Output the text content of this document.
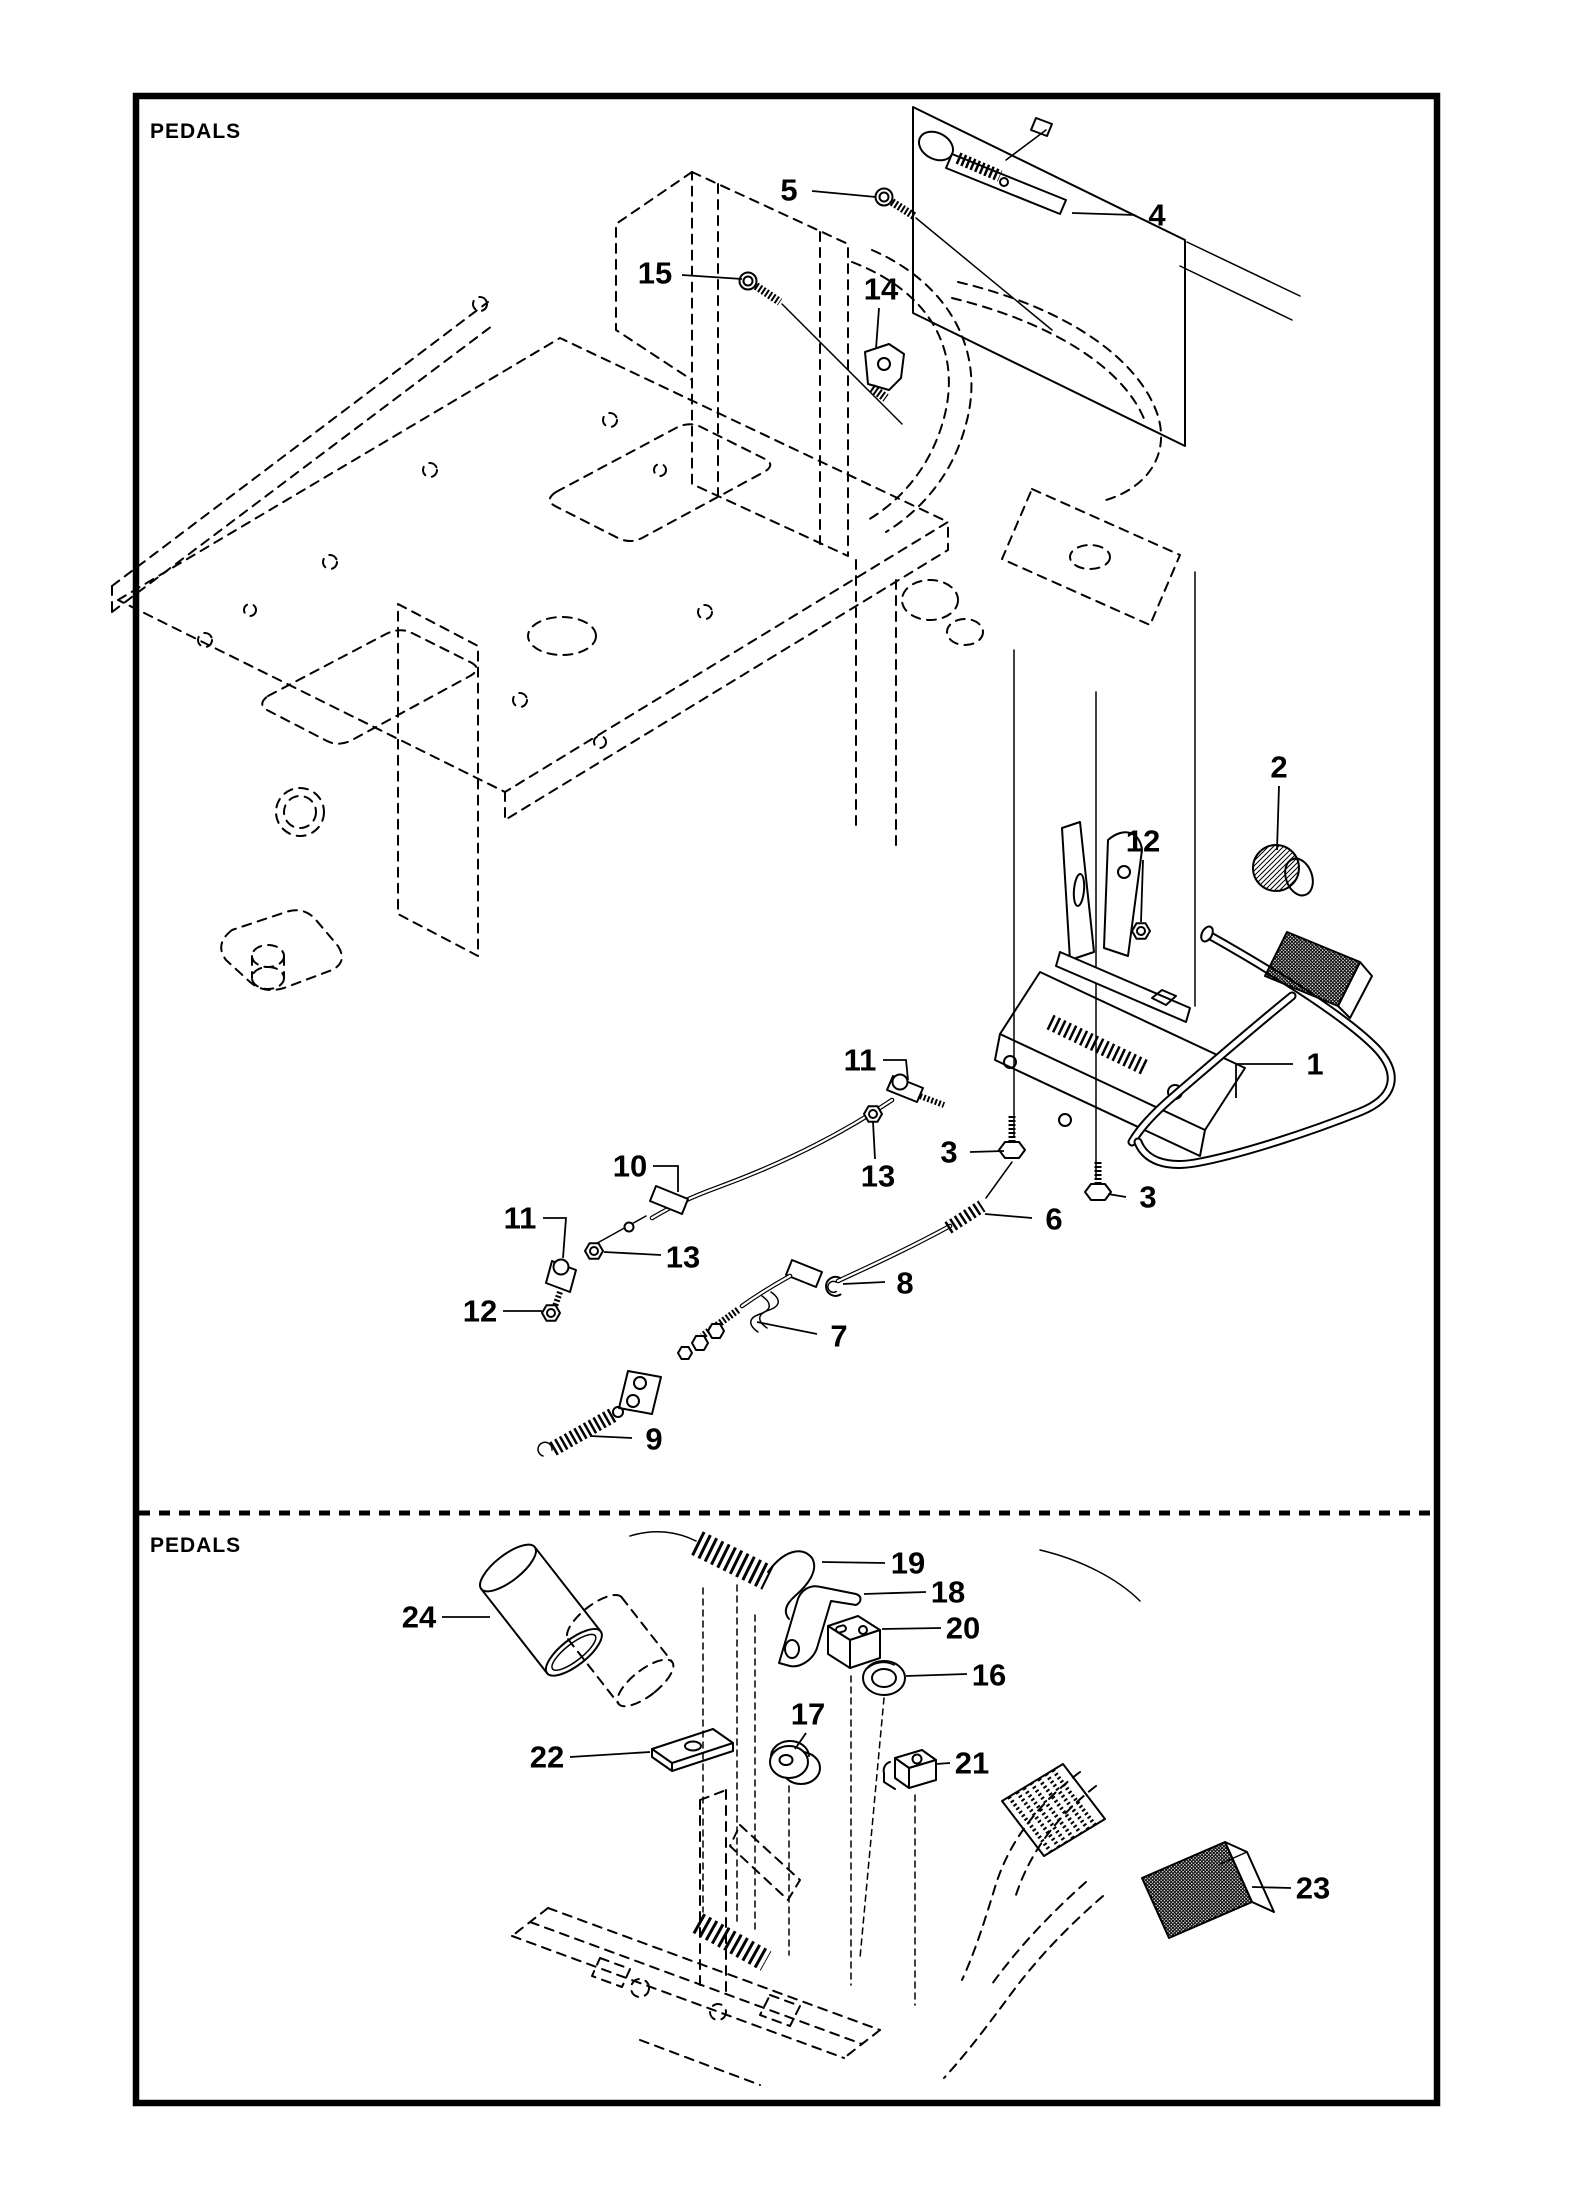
PEDALS
PEDALS
5
4
15	14
2
12
1
11
10	13
3
3
6
11
13
12
8
7
9
19
18
20
16
24
17
22	21
23
